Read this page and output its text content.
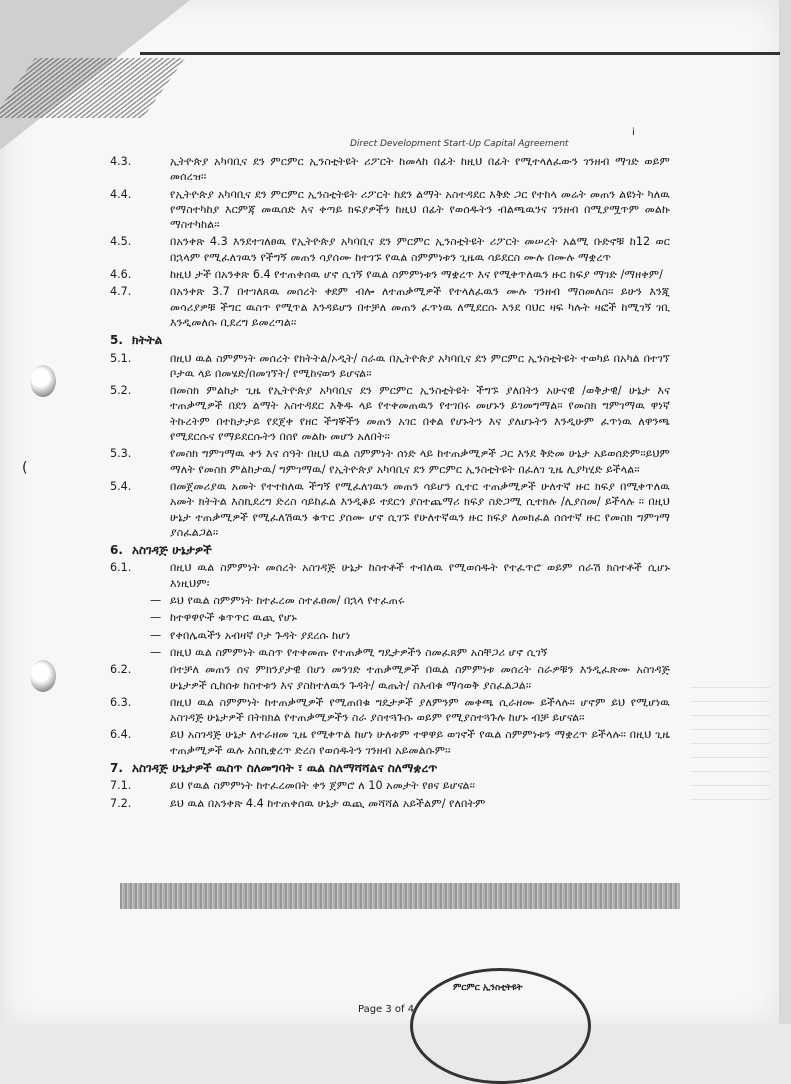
Direct Development Start-Up Capital Agreement
i
(
4.3.	ኢትዮጵያ አካባቢና ደን ምርምር ኢንስቲትዩት ሪፖርት ከመላከ በፊት ከዚህ በፊት የሚተላለፈውን ገንዘብ ማገድ ወይም መሰረዝ፡፡
4.4.	የኢትዮጵያ አካባቢና ደን ምርምር ኢንስቲትዩት ሪፖርት ከደን ልማት አስተዳደር እቅድ ጋር የተከላ መሬት መጠን ልዩነት ካለዉ የማስተካከያ እርምጃ መዉሰድ እና ቀጣይ ክፍያዎችን ከዚህ በፊት የወሰዱትን ብልጫዉንና ገንዘብ በሚያሟጥም መልኩ ማስተካከል፡፡
4.5.	በአንቀጽ 4.3 እንደተገለፀዉ የኢትዮጵያ አካባቢና ደን ምርምር ኢንስቲትዩት ሪፖርት መሠረት አልሚ ቡድኖቹ ከ12 ወር በኋላም የሚፈለገዉን የችግኝ መጠን ሳያሰሙ ከተገኙ የዉል ስምምነቱን ጊዜዉ ሳይደርስ ሙሉ በሙሉ ማቋረጥ
4.6.	ከዚህ ታች በአንቀጽ 6.4 የተጠቀሰዉ ሆኖ ሲገኝ የዉል ስምምነቱን ማቋረጥ እና የሚቀጥለዉን ዙር ክፍያ ማገድ /ማዘቀም/
4.7.	በአንቀጽ 3.7 በተገለጸዉ መሰረት ቀደም ብሎ ለተጠቃሚዎች የተላለፈዉን ሙሉ ገንዘብ ማስመለስ፡፡ ይሁን እንጂ መሳሪያዎቹ ችግር ዉስጥ የሚጥል እንዳይሆን በተቻለ መጠን ፈጥነዉ ለሚደርሱ እንደ ባህር ዛፍ ካሉት ዛፎች ከሚገኝ ገቢ እንዲመለሱ ቢደረግ ይመረጣል፡፡
5. ክትትል
5.1.	በዚህ ዉል ስምምነት መሰረት የክትትል/ኦዲት/ ስራዉ በኢትዮጵያ አካባቢና ደን ምርምር ኢንስቲትዩት ተወካይ በአካል በተገኘ ቦታዉ ላይ በመሄድ/በመገኘት/ የሚከናወን ይሆናል፡፡
5.2.	በመስክ ምልከታ ጊዜ የኢትዮጵያ አካባቢና ደን ምርምር ኢንስቲትዩት ችግኙ ያለበትን አሁናዊ /ወቅታዊ/ ሁኔታ እና ተጠቃሚዎች በደን ልማት አስተዳደር እቅዱ ላይ የተቀመጠዉን የተገበሩ መሆኑን ይገመግማል፡፡ የመስክ ግምገማዉ ዋነኛ ትኩረትም በተከታታይ የደጀቀ የዘር ችግኞችን መጠን አገር በቀል የሆኑትን እና ያለሆኑትን እንዲሁም ፈጥነዉ ለዋንጫ የሚደርሱና የማይደርሱትን በሰየ መልኩ መሆን አለበት፡፡
5.3.	የመስክ ግምገማዉ ቀን እና ሰዓት በዚህ ዉል ስምምነት ሰነድ ላይ ከተጠቃሚዎች ጋር እንደ ቅድመ ሁኔታ አይወሰድም፡፡ይህም ማለት የመስክ ምልከታዉ/ ግምገማዉ/ የኢትዮጵያ አካባቢና ደን ምርምር ኢንስቲትዩት በፈለገ ጊዜ ሊያካሂድ ይችላል፡፡
5.4.	በመጀመሪያዉ አመት የተተከለዉ ችግኝ የሚፈለገዉን መጠን ሳይሆን ሲተር ተጠቃሚዎች ሁለተኛ ዙር ክፍያ በሚቀጥለዉ አመት ክትትል እስኪደረግ ድረስ ሳይከፈል እንዲቆይ ተደርጎ ያስተጨማሪ ክፍያ ስድጋሚ ሲተክሉ /ሊያስመ/ ይችላሉ ፡፡ በዚህ ሁኔታ ተጠቃሚዎች የሚፈለሽዉን ቁጥር ያሰሙ ሆኖ ሲገኙ የሁለተኛዉን ዙር ክፍያ ለመክፈል ሰሰተኛ ዙር የመስክ ግምገማ ያስፈልጋል፡፡
6. አስገዳጅ ሁኔታዎች
6.1.	በዚህ ዉል ስምምነት መሰረት አስገዳጅ ሁኔታ ከስተቶች ተብለዉ የሚወሰዱት የተፈጥሮ ወይም ሰራሽ ክስተቶች ሲሆኑ እነዚህም፡
— ይህ የዉል ስምምነት ከተፈረመ ስተፈፀመ/ በኋላ የተፈጠሩ
— ከተዋዋዮች ቁጥጥር ዉጪ የሆኑ
— የቀበሌዉችን አብዛኛ ቦታ ጉዳት ያደረሱ ከሆነ
— በዚህ ዉል ስምምነት ዉስጥ የተቀመጡ የተጠቃሚ ግዴታዎችን ስመፈጸም አስቸጋሪ ሆኖ ሲገኝ
6.2.	በተቻለ መጠን ሰና ምክንያታዊ በሆነ መንገድ ተጠቃሚዎች በዉል ስምምነቱ መሰረት ስራዎቹን እንዲፈጽሙ አስገዳጅ ሁኔታዎች ሲከሰቱ ክስተቱን እና ያስከተለዉን ጉዳት/ ዉጤት/ ስእብቁ ማሳወቅ ያስፈልጋል፡፡
6.3.	በዚህ ዉል ስምምነት ከተጠቃሚዎች የሚጠበቁ ግዴታዎች ያለምንም መቀጫ ሲራዘሙ ይችላሉ፡፡ ሆኖም ይህ የሚሆነዉ አስገዳጅ ሁኔታዎች በትክክል የተጠቃሚዎችን ስራ ያስተጓጉሱ ወይም የሚያስተጓጉሉ ከሆኑ ብቻ ይሆናል፡፡
6.4.	ይህ አስገዳጅ ሁኔታ ለተራዘመ ጊዜ የሚቀጥል ከሆነ ሁለቱም ተዋዋይ ወገኖች የዉል ስምምነቱን ማቋረጥ ይችላሉ፡፡ በዚህ ጊዜ ተጠቃሚዎች ዉሉ እስኪቋረጥ ድረስ የወሰዱትን ገንዘብ አይመልሱም፡፡
7. አስገዳጅ ሁኔታዎች ዉስጥ ስለመግባት ፣ ዉል ስለማሻሻልና ስለማቋረጥ
7.1.	ይህ የዉል ስምምነት ከተፈረመበት ቀን ጀምሮ ለ 10 አመታት የፀና ይሆናል፡፡
7.2.	ይህ ዉል በአንቀጽ 4.4 ከተጠቀሰዉ ሁኔታ ዉጪ መሻሻል አይችልም/ የለበትም
Page 3 of 4
ምርምር ኢንስቲትዩት
